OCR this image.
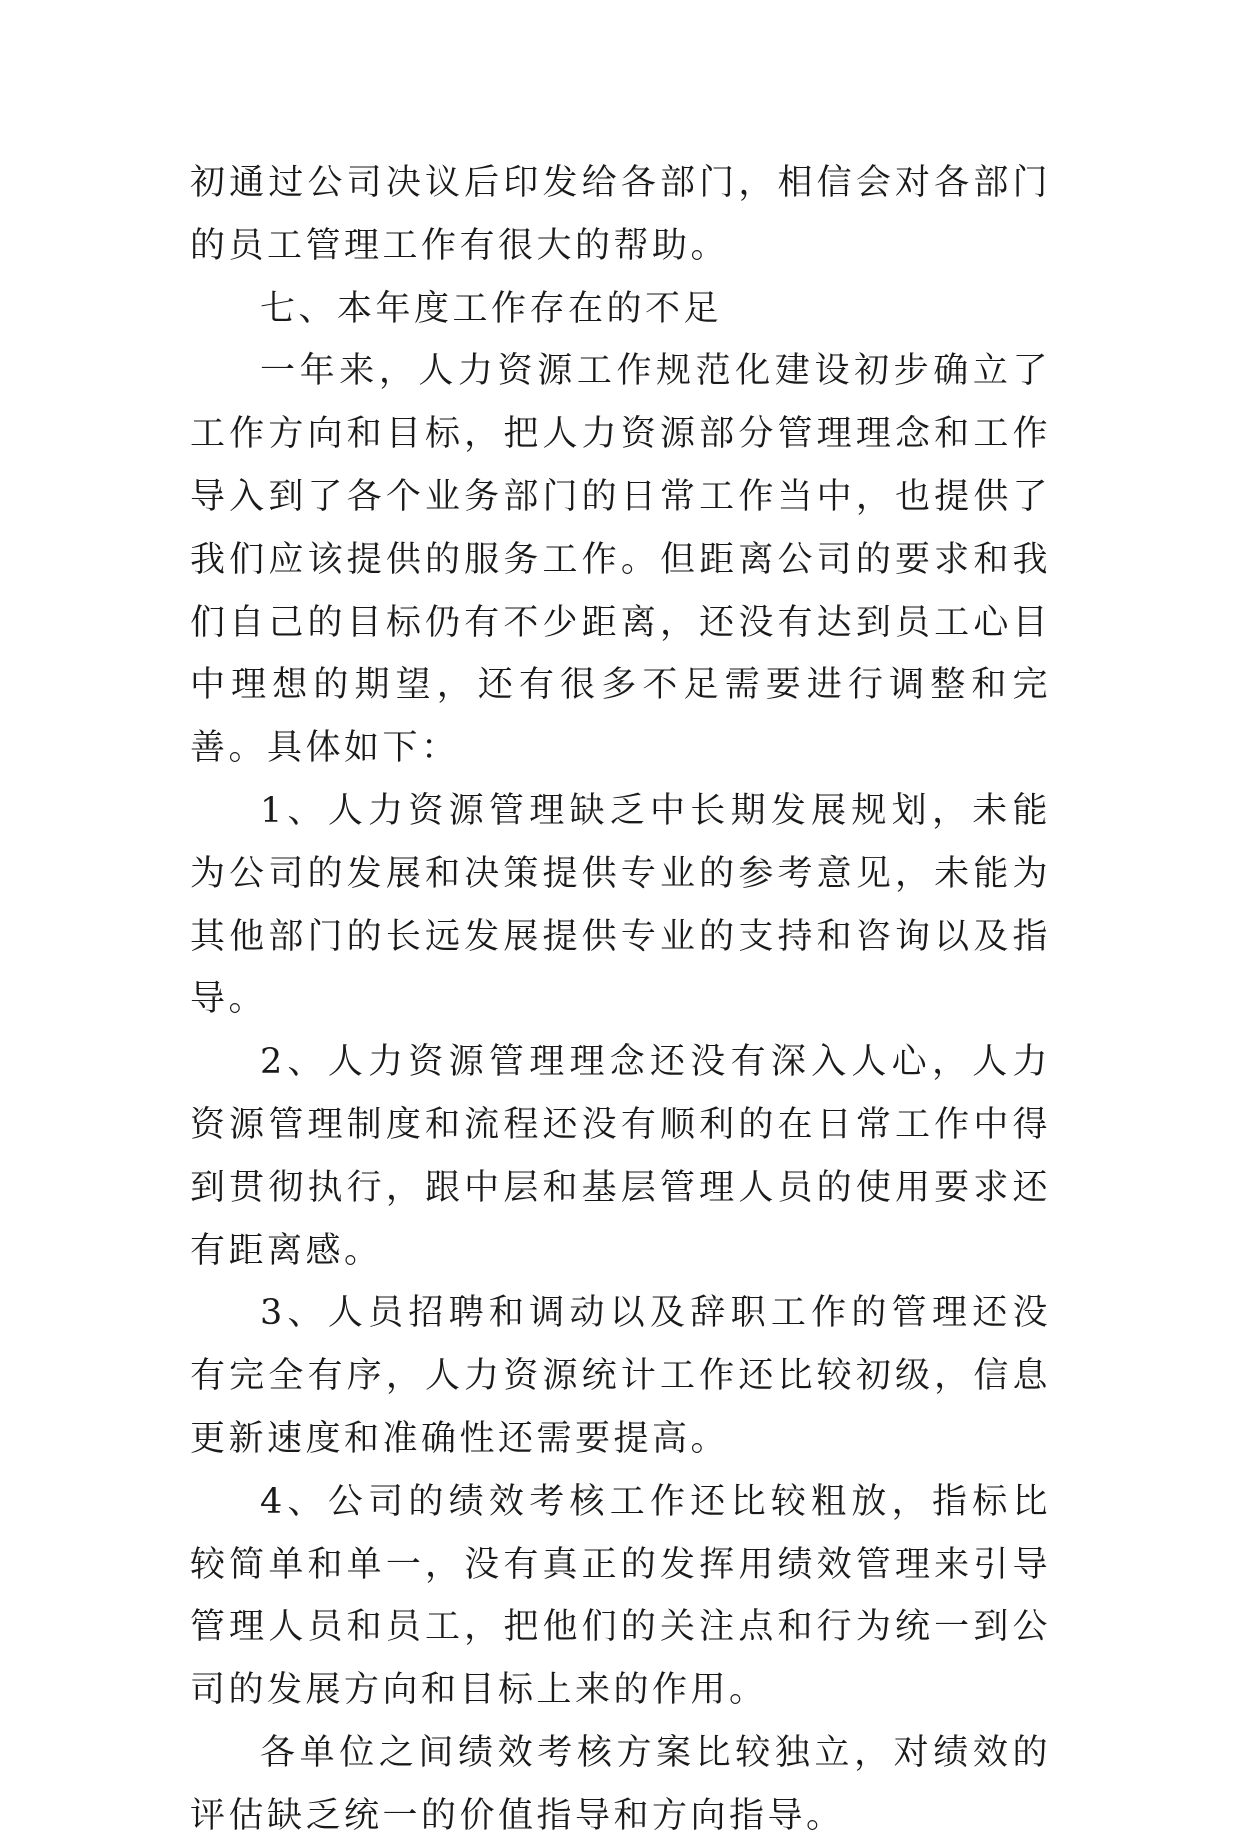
初通过公司决议后印发给各部门，相信会对各部门的员工管理工作有很大的帮助。

七、本年度工作存在的不足

一年来，人力资源工作规范化建设初步确立了工作方向和目标，把人力资源部分管理理念和工作导入到了各个业务部门的日常工作当中，也提供了我们应该提供的服务工作。但距离公司的要求和我们自己的目标仍有不少距离，还没有达到员工心目中理想的期望，还有很多不足需要进行调整和完善。具体如下：

1、人力资源管理缺乏中长期发展规划，未能为公司的发展和决策提供专业的参考意见，未能为其他部门的长远发展提供专业的支持和咨询以及指导。

2、人力资源管理理念还没有深入人心，人力资源管理制度和流程还没有顺利的在日常工作中得到贯彻执行，跟中层和基层管理人员的使用要求还有距离感。

3、人员招聘和调动以及辞职工作的管理还没有完全有序，人力资源统计工作还比较初级，信息更新速度和准确性还需要提高。

4、公司的绩效考核工作还比较粗放，指标比较简单和单一，没有真正的发挥用绩效管理来引导管理人员和员工，把他们的关注点和行为统一到公司的发展方向和目标上来的作用。

各单位之间绩效考核方案比较独立，对绩效的评估缺乏统一的价值指导和方向指导。
